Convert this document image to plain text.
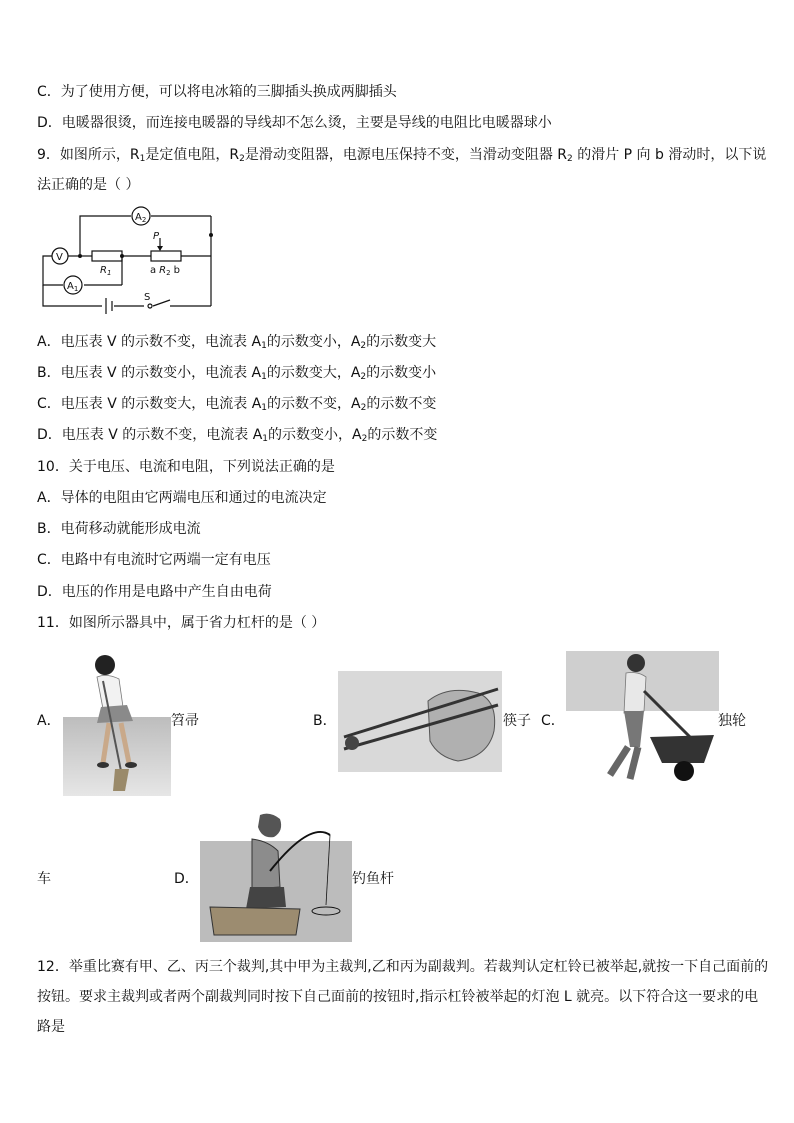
C．为了使用方便，可以将电冰箱的三脚插头换成两脚插头
D．电暖器很烫，而连接电暖器的导线却不怎么烫，主要是导线的电阻比电暖器球小
9．如图所示，$R_1$是定值电阻，$R_2$是滑动变阻器，电源电压保持不变，当滑动变阻器 $R_2$ 的滑片 P 向 b 滑动时，以下说
法正确的是（ ）
$A_2$
V
$A_1$
$R_1$
P
a $R_2$ b
S
A．电压表 V 的示数不变，电流表 $A_1$的示数变小，$A_2$的示数变大
B．电压表 V 的示数变小，电流表 $A_1$的示数变大，$A_2$的示数变小
C．电压表 V 的示数变大，电流表 $A_1$的示数不变，$A_2$的示数不变
D．电压表 V 的示数不变，电流表 $A_1$的示数变小，$A_2$的示数不变
10．关于电压、电流和电阻，下列说法正确的是
A．导体的电阻由它两端电压和通过的电流决定
B．电荷移动就能形成电流
C．电路中有电流时它两端一定有电压
D．电压的作用是电路中产生自由电荷
11．如图所示器具中，属于省力杠杆的是（ ）
A．	笤帚	B．	筷子 C．	独轮
车	D．	钓鱼杆
12．举重比赛有甲、乙、丙三个裁判,其中甲为主裁判,乙和丙为副裁判。若裁判认定杠铃已被举起,就按一下自己面前的
按钮。要求主裁判或者两个副裁判同时按下自己面前的按钮时,指示杠铃被举起的灯泡 L 就亮。以下符合这一要求的电
路是
